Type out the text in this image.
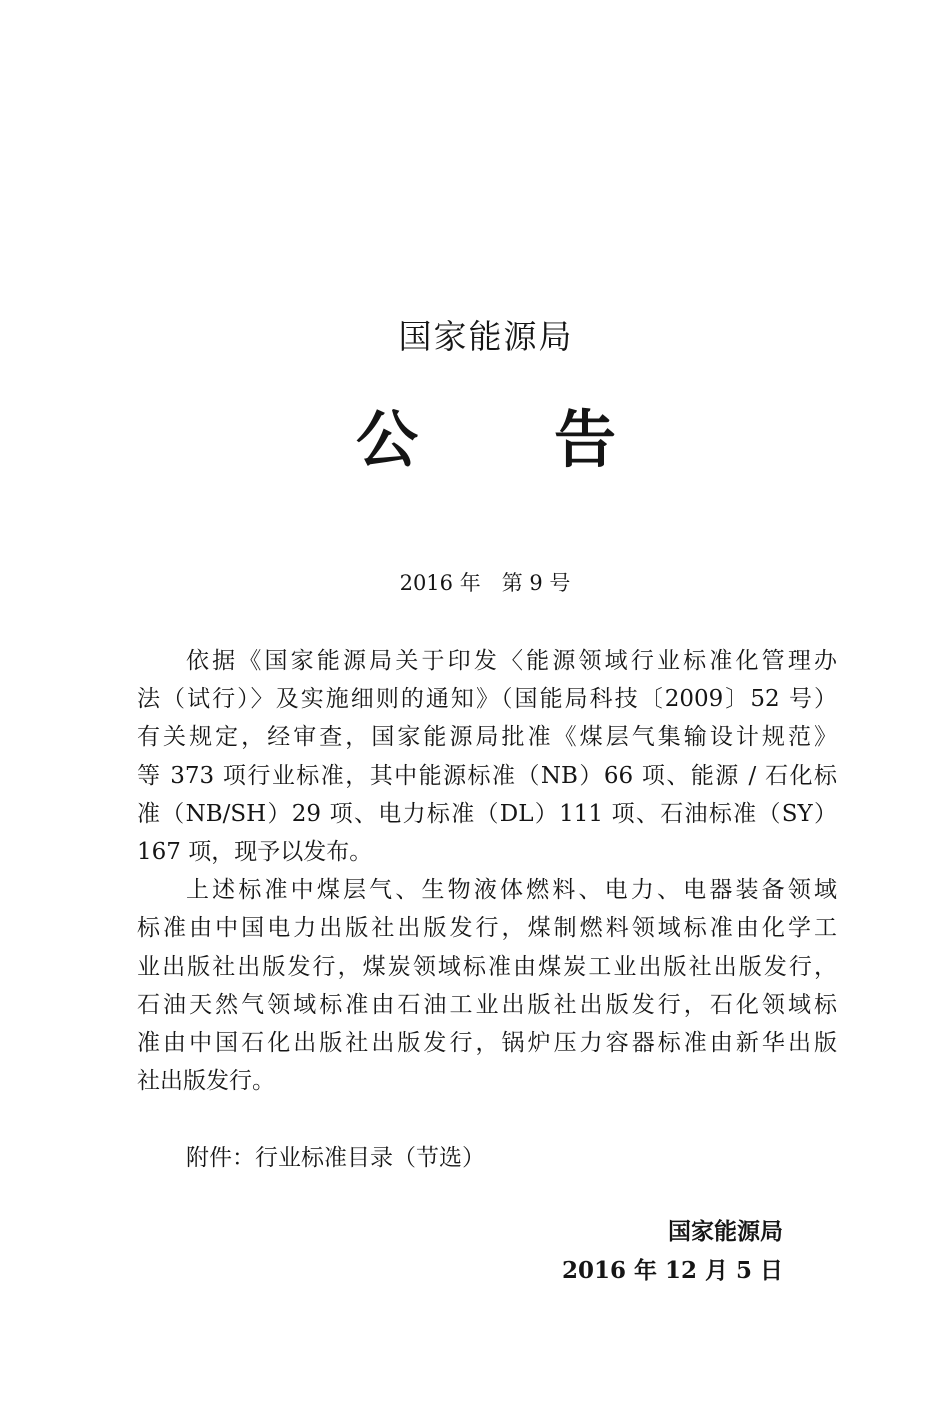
国家能源局
公 告
2016 年　第 9 号
依据《国家能源局关于印发〈能源领域行业标准化管理办
法（试行）〉及实施细则的通知》（国能局科技〔2009〕52 号）
有关规定，经审查，国家能源局批准《煤层气集输设计规范》
等 373 项行业标准，其中能源标准（NB）66 项、能源 / 石化标
准（NB/SH）29 项、电力标准（DL）111 项、石油标准（SY）
167 项，现予以发布。
上述标准中煤层气、生物液体燃料、电力、电器装备领域
标准由中国电力出版社出版发行，煤制燃料领域标准由化学工
业出版社出版发行，煤炭领域标准由煤炭工业出版社出版发行，
石油天然气领域标准由石油工业出版社出版发行，石化领域标
准由中国石化出版社出版发行，锅炉压力容器标准由新华出版
社出版发行。
附件：行业标准目录（节选）
国家能源局
2016 年 12 月 5 日
